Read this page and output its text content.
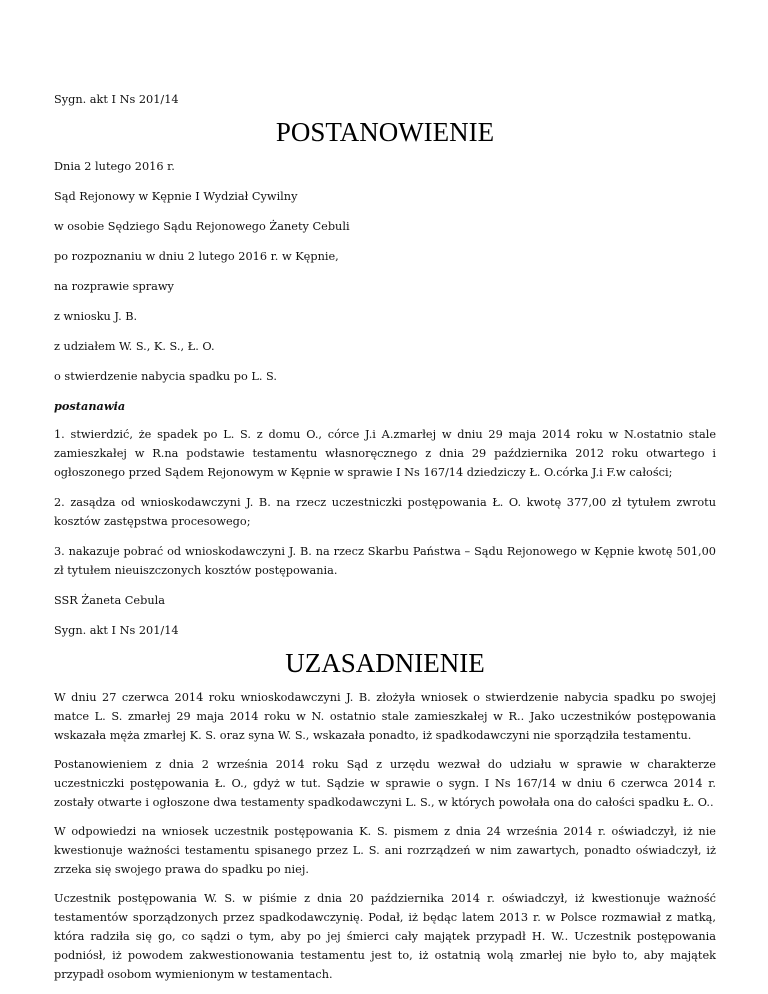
Sygn. akt I Ns 201/14

POSTANOWIENIE

Dnia 2 lutego 2016 r.

Sąd Rejonowy w Kępnie I Wydział Cywilny

w osobie Sędziego Sądu Rejonowego Żanety Cebuli

po rozpoznaniu w dniu 2 lutego 2016 r. w Kępnie,

na rozprawie sprawy

z wniosku J. B.

z udziałem W. S., K. S., Ł. O.

o stwierdzenie nabycia spadku po L. S.

postanawia

1. stwierdzić, że spadek po L. S. z domu O., córce J.i A.zmarłej w dniu 29 maja 2014 roku w N.ostatnio stale zamieszkałej w R.na podstawie testamentu własnoręcznego z dnia 29 października 2012 roku otwartego i ogłoszonego przed Sądem Rejonowym w Kępnie w sprawie I Ns 167/14 dziedziczy Ł. O.córka J.i F.w całości;

2. zasądza od wnioskodawczyni J. B. na rzecz uczestniczki postępowania Ł. O. kwotę 377,00 zł tytułem zwrotu kosztów zastępstwa procesowego;

3. nakazuje pobrać od wnioskodawczyni J. B. na rzecz Skarbu Państwa – Sądu Rejonowego w Kępnie kwotę 501,00 zł tytułem nieuiszczonych kosztów postępowania.

SSR Żaneta Cebula

Sygn. akt I Ns 201/14

UZASADNIENIE

W dniu 27 czerwca 2014 roku wnioskodawczyni J. B. złożyła wniosek o stwierdzenie nabycia spadku po swojej matce L. S. zmarłej 29 maja 2014 roku w N. ostatnio stale zamieszkałej w R.. Jako uczestników postępowania wskazała męża zmarłej K. S. oraz syna W. S., wskazała ponadto, iż spadkodawczyni nie sporządziła testamentu.

Postanowieniem z dnia 2 września 2014 roku Sąd z urzędu wezwał do udziału w sprawie w charakterze uczestniczki postępowania Ł. O., gdyż w tut. Sądzie w sprawie o sygn. I Ns 167/14 w dniu 6 czerwca 2014 r. zostały otwarte i ogłoszone dwa testamenty spadkodawczyni L. S., w których powołała ona do całości spadku Ł. O..

W odpowiedzi na wniosek uczestnik postępowania K. S. pismem z dnia 24 września 2014 r. oświadczył, iż nie kwestionuje ważności testamentu spisanego przez L. S. ani rozrządzeń w nim zawartych, ponadto oświadczył, iż zrzeka się swojego prawa do spadku po niej.

Uczestnik postępowania W. S. w piśmie z dnia 20 października 2014 r. oświadczył, iż kwestionuje ważność testamentów sporządzonych przez spadkodawczynię. Podał, iż będąc latem 2013 r. w Polsce rozmawiał z matką, która radziła się go, co sądzi o tym, aby po jej śmierci cały majątek przypadł H. W.. Uczestnik postępowania podniósł, iż powodem zakwestionowania testamentu jest to, iż ostatnią wolą zmarłej nie było to, aby majątek przypadł osobom wymienionym w testamentach.
